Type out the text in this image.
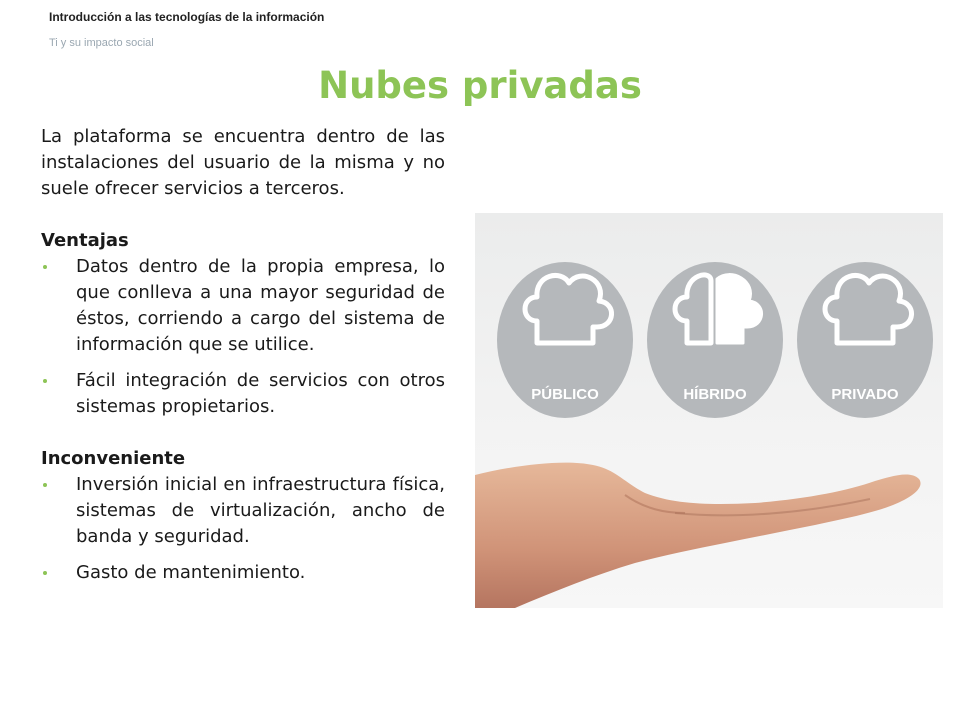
Introducción a las tecnologías de la información
Ti y su impacto social
Nubes privadas

La plataforma se encuentra dentro de las instalaciones del usuario de la misma y no suele ofrecer servicios a terceros.

Ventajas

Datos dentro de la propia empresa, lo que conlleva a una mayor seguridad de éstos, corriendo a cargo del sistema de información que se utilice.
Fácil integración de servicios con otros sistemas propietarios.

Inconveniente

Inversión inicial en infraestructura física, sistemas de virtualización, ancho de banda y seguridad.
Gasto de mantenimiento.
PÚBLICO	HÍBRIDO	PRIVADO
